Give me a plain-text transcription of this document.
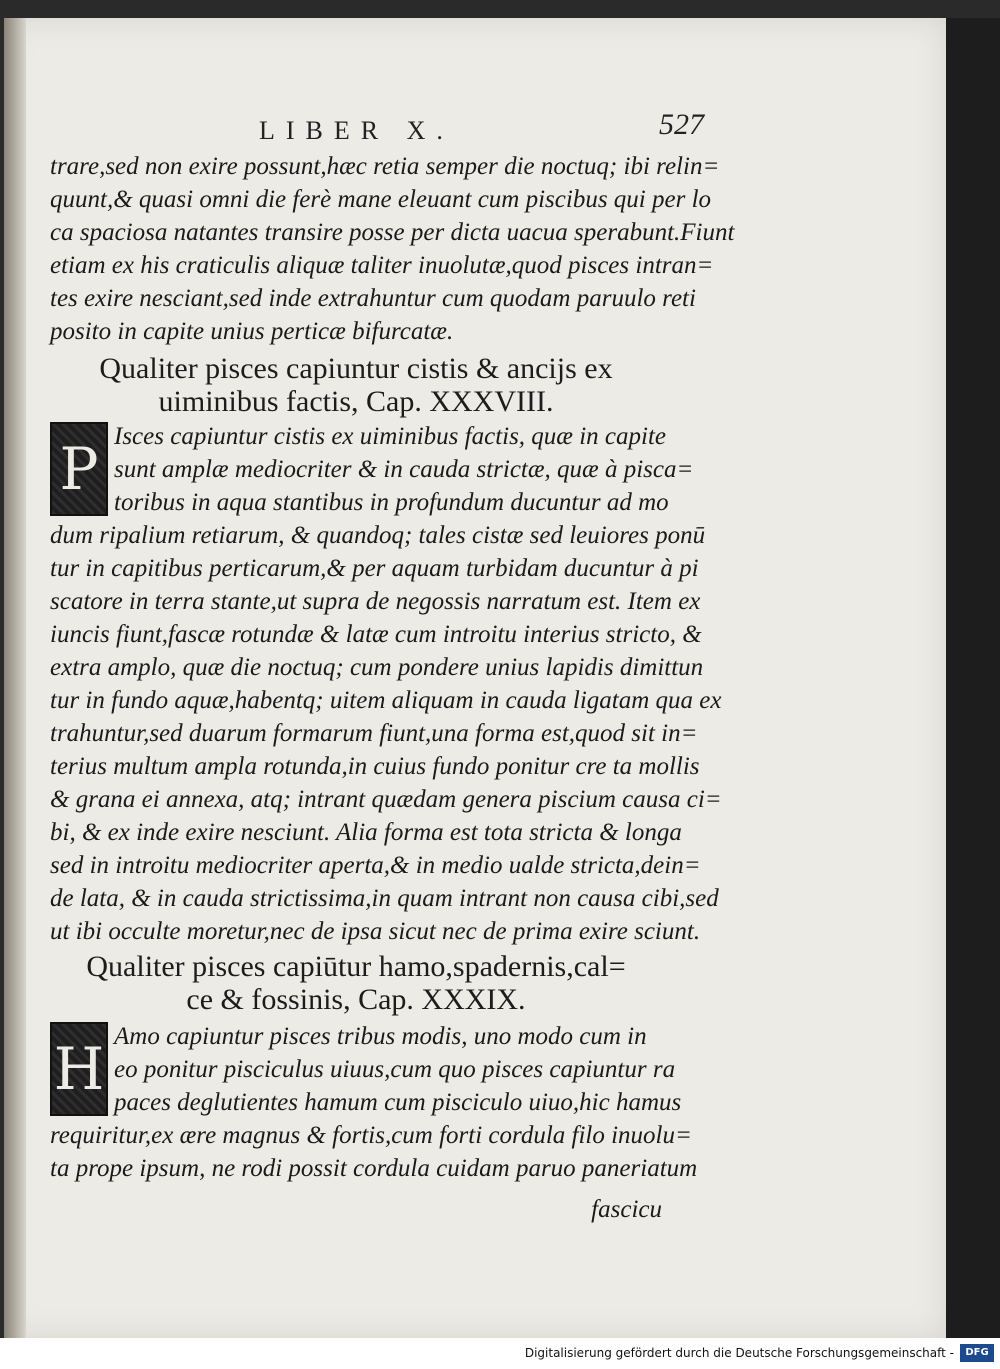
LIBER X.	527
trare,sed non exire possunt,hæc retia semper die noctuq; ibi relin=
quunt,& quasi omni die ferè mane eleuant cum piscibus qui per lo
ca spaciosa natantes transire posse per dicta uacua sperabunt.Fiunt
etiam ex his craticulis aliquæ taliter inuolutæ,quod pisces intran=
tes exire nesciant,sed inde extrahuntur cum quodam paruulo reti
posito in capite unius perticæ bifurcatæ.
Qualiter pisces capiuntur cistis & ancijs ex
uiminibus factis, Cap. XXXVIII.
P Isces capiuntur cistis ex uiminibus factis, quæ in capite
sunt amplæ mediocriter & in cauda strictæ, quæ à pisca=
toribus in aqua stantibus in profundum ducuntur ad mo
dum ripalium retiarum, & quandoq; tales cistæ sed leuiores ponū
tur in capitibus perticarum,& per aquam turbidam ducuntur à pi
scatore in terra stante,ut supra de negossis narratum est. Item ex
iuncis fiunt,fascæ rotundæ & latæ cum introitu interius stricto, &
extra amplo, quæ die noctuq; cum pondere unius lapidis dimittun
tur in fundo aquæ,habentq; uitem aliquam in cauda ligatam qua ex
trahuntur,sed duarum formarum fiunt,una forma est,quod sit in=
terius multum ampla rotunda,in cuius fundo ponitur cre ta mollis
& grana ei annexa, atq; intrant quædam genera piscium causa ci=
bi, & ex inde exire nesciunt. Alia forma est tota stricta & longa
sed in introitu mediocriter aperta,& in medio ualde stricta,dein=
de lata, & in cauda strictissima,in quam intrant non causa cibi,sed
ut ibi occulte moretur,nec de ipsa sicut nec de prima exire sciunt.
Qualiter pisces capiūtur hamo,spadernis,cal=
ce & fossinis, Cap. XXXIX.
H Amo capiuntur pisces tribus modis, uno modo cum in
eo ponitur pisciculus uiuus,cum quo pisces capiuntur ra
paces deglutientes hamum cum pisciculo uiuo,hic hamus
requiritur,ex ære magnus & fortis,cum forti cordula filo inuolu=
ta prope ipsum, ne rodi possit cordula cuidam paruo paneriatum
fascicu
Digitalisierung gefördert durch die Deutsche Forschungsgemeinschaft -	DFG
